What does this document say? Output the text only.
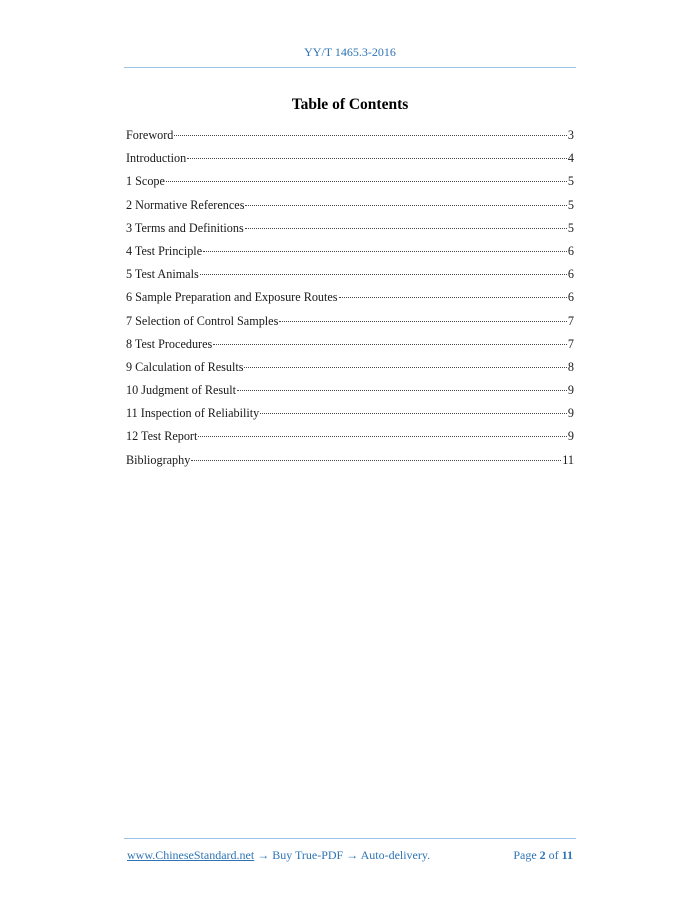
YY/T 1465.3-2016
Table of Contents
Foreword	3
Introduction	4
1 Scope	5
2 Normative References	5
3 Terms and Definitions	5
4 Test Principle	6
5 Test Animals	6
6 Sample Preparation and Exposure Routes	6
7 Selection of Control Samples	7
8 Test Procedures	7
9 Calculation of Results	8
10 Judgment of Result	9
11 Inspection of Reliability	9
12 Test Report	9
Bibliography	11
www.ChineseStandard.net → Buy True-PDF → Auto-delivery.	Page 2 of 11
